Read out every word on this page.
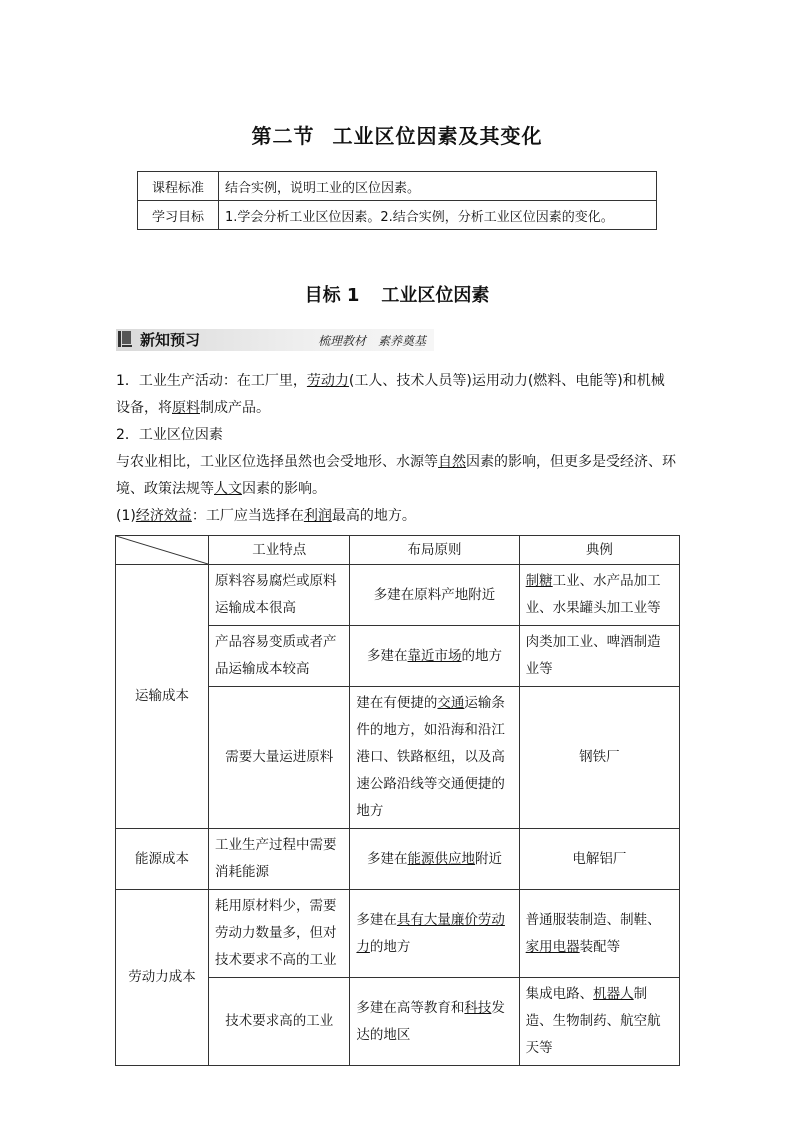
第二节 工业区位因素及其变化
课程标准	结合实例，说明工业的区位因素。
学习目标	1.学会分析工业区位因素。2.结合实例，分析工业区位因素的变化。
目标 1 工业区位因素
新知预习	梳理教材　素养奠基
1．工业生产活动：在工厂里，劳动力(工人、技术人员等)运用动力(燃料、电能等)和机械设备，将原料制成产品。
2．工业区位因素
与农业相比，工业区位选择虽然也会受地形、水源等自然因素的影响，但更多是受经济、环境、政策法规等人文因素的影响。
(1)经济效益：工厂应当选择在利润最高的地方。
	工业特点	布局原则	典例
运输成本	原料容易腐烂或原料运输成本很高	多建在原料产地附近	制糖工业、水产品加工业、水果罐头加工业等
	产品容易变质或者产品运输成本较高	多建在靠近市场的地方	肉类加工业、啤酒制造业等
	需要大量运进原料	建在有便捷的交通运输条件的地方，如沿海和沿江港口、铁路枢纽，以及高速公路沿线等交通便捷的地方	钢铁厂
能源成本	工业生产过程中需要消耗能源	多建在能源供应地附近	电解铝厂
劳动力成本	耗用原材料少，需要劳动力数量多，但对技术要求不高的工业	多建在具有大量廉价劳动力的地方	普通服装制造、制鞋、家用电器装配等
	技术要求高的工业	多建在高等教育和科技发达的地区	集成电路、机器人制造、生物制药、航空航天等
